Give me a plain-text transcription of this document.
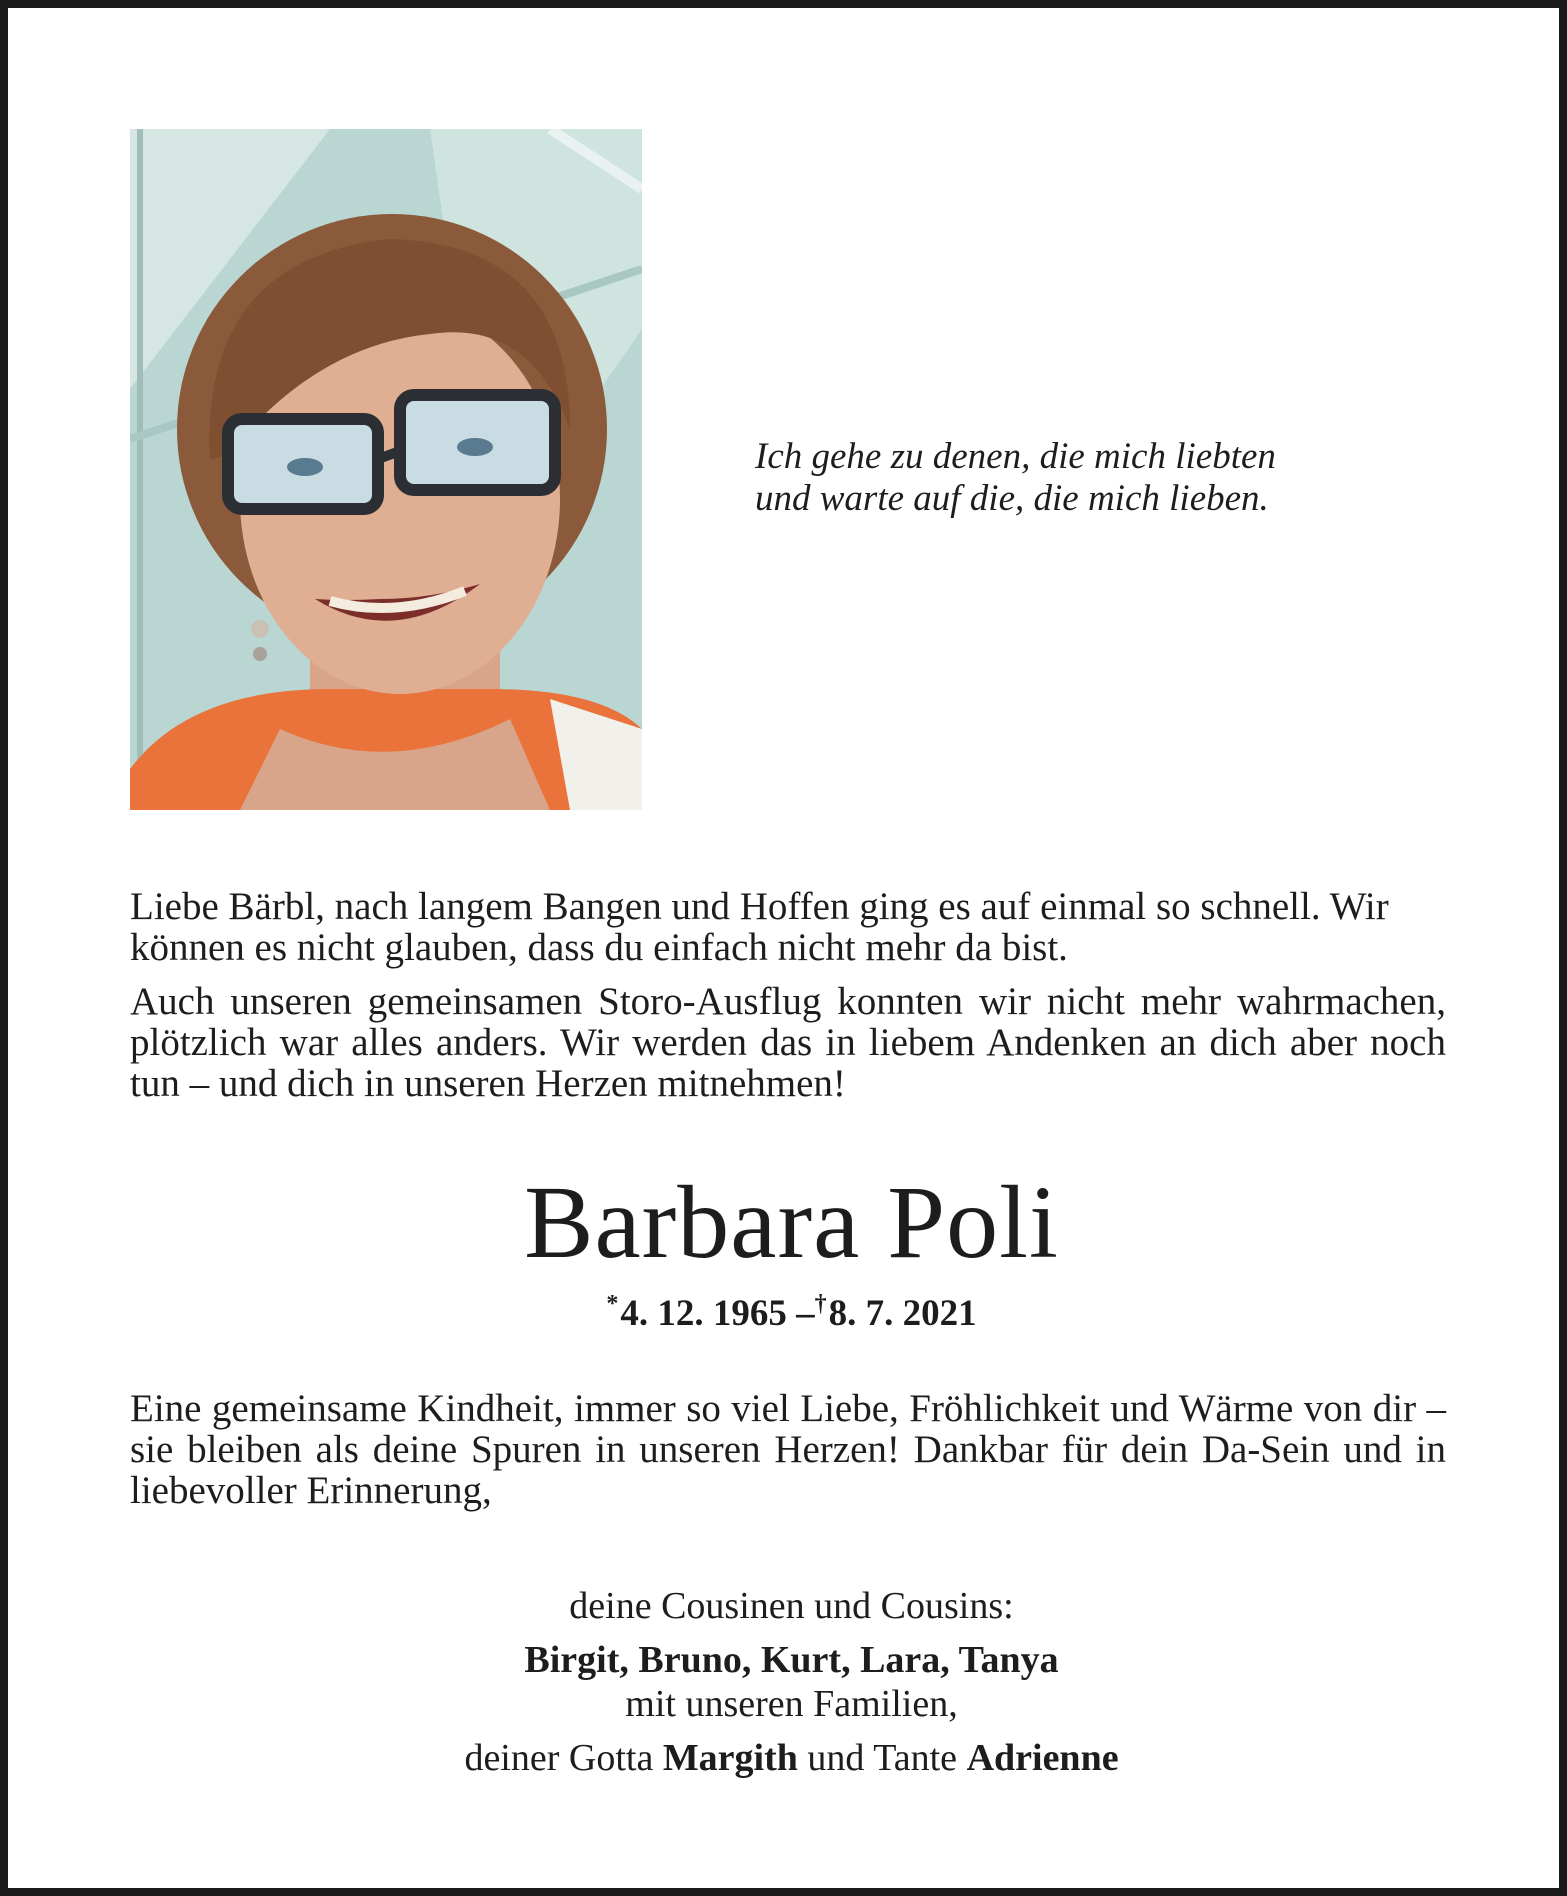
Ich gehe zu denen, die mich liebten
und warte auf die, die mich lieben.
Liebe Bärbl, nach langem Bangen und Hoffen ging es auf einmal so schnell. Wir können es nicht glauben, dass du einfach nicht mehr da bist.
Auch unseren gemeinsamen Storo-Ausflug konnten wir nicht mehr wahrmachen, plötzlich war alles anders. Wir werden das in liebem Andenken an dich aber noch tun – und dich in unseren Herzen mitnehmen!
Barbara Poli
*4. 12. 1965 –†8. 7. 2021
Eine gemeinsame Kindheit, immer so viel Liebe, Fröhlichkeit und Wärme von dir – sie bleiben als deine Spuren in unseren Herzen! Dankbar für dein Da-Sein und in liebevoller Erinnerung,
deine Cousinen und Cousins:
Birgit, Bruno, Kurt, Lara, Tanya
mit unseren Familien,
deiner Gotta Margith und Tante Adrienne
